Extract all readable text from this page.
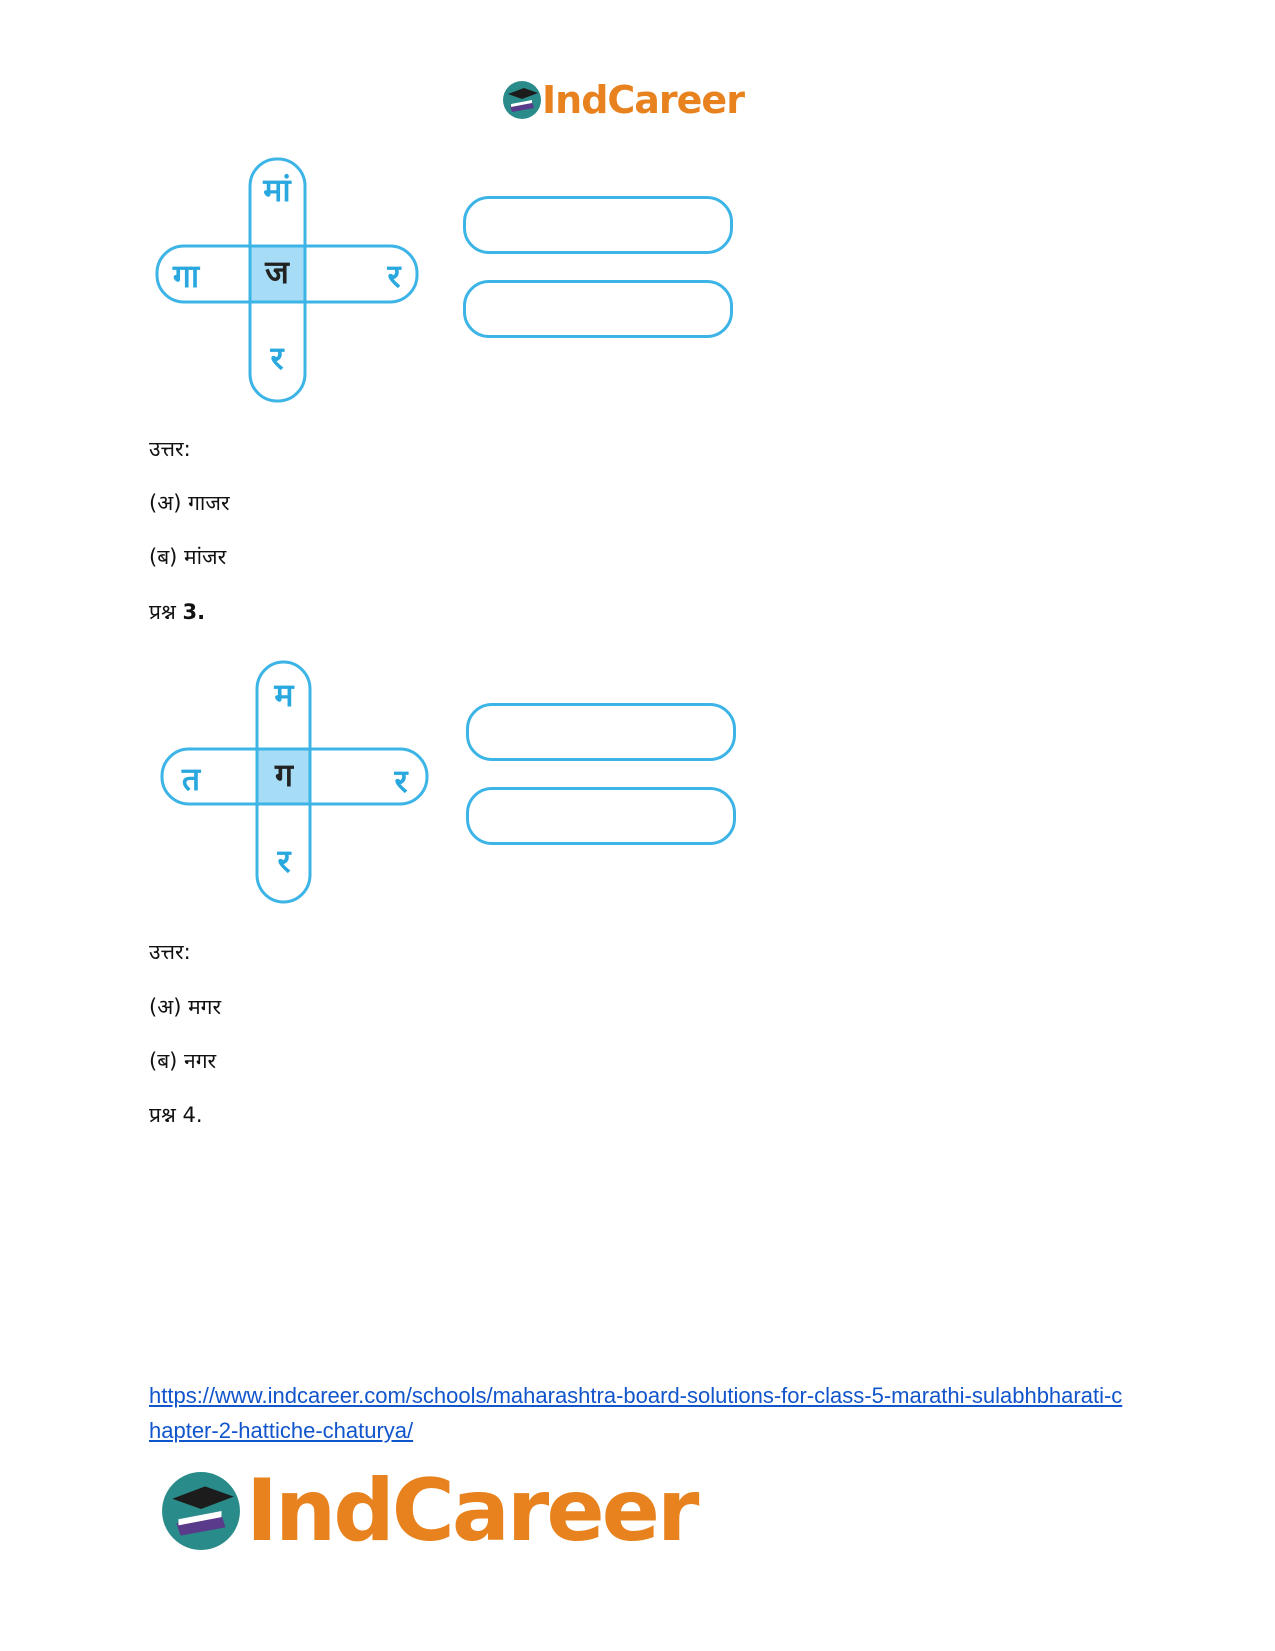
IndCareer
मां
गा	ज	र
र
उत्तर:
(अ) गाजर
(ब) मांजर
प्रश्न 3.
म
त	ग	र
र
उत्तर:
(अ) मगर
(ब) नगर
प्रश्न 4.
https://www.indcareer.com/schools/maharashtra-board-solutions-for-class-5-marathi-sulabhbharati-chapter-2-hattiche-chaturya/
IndCareer
